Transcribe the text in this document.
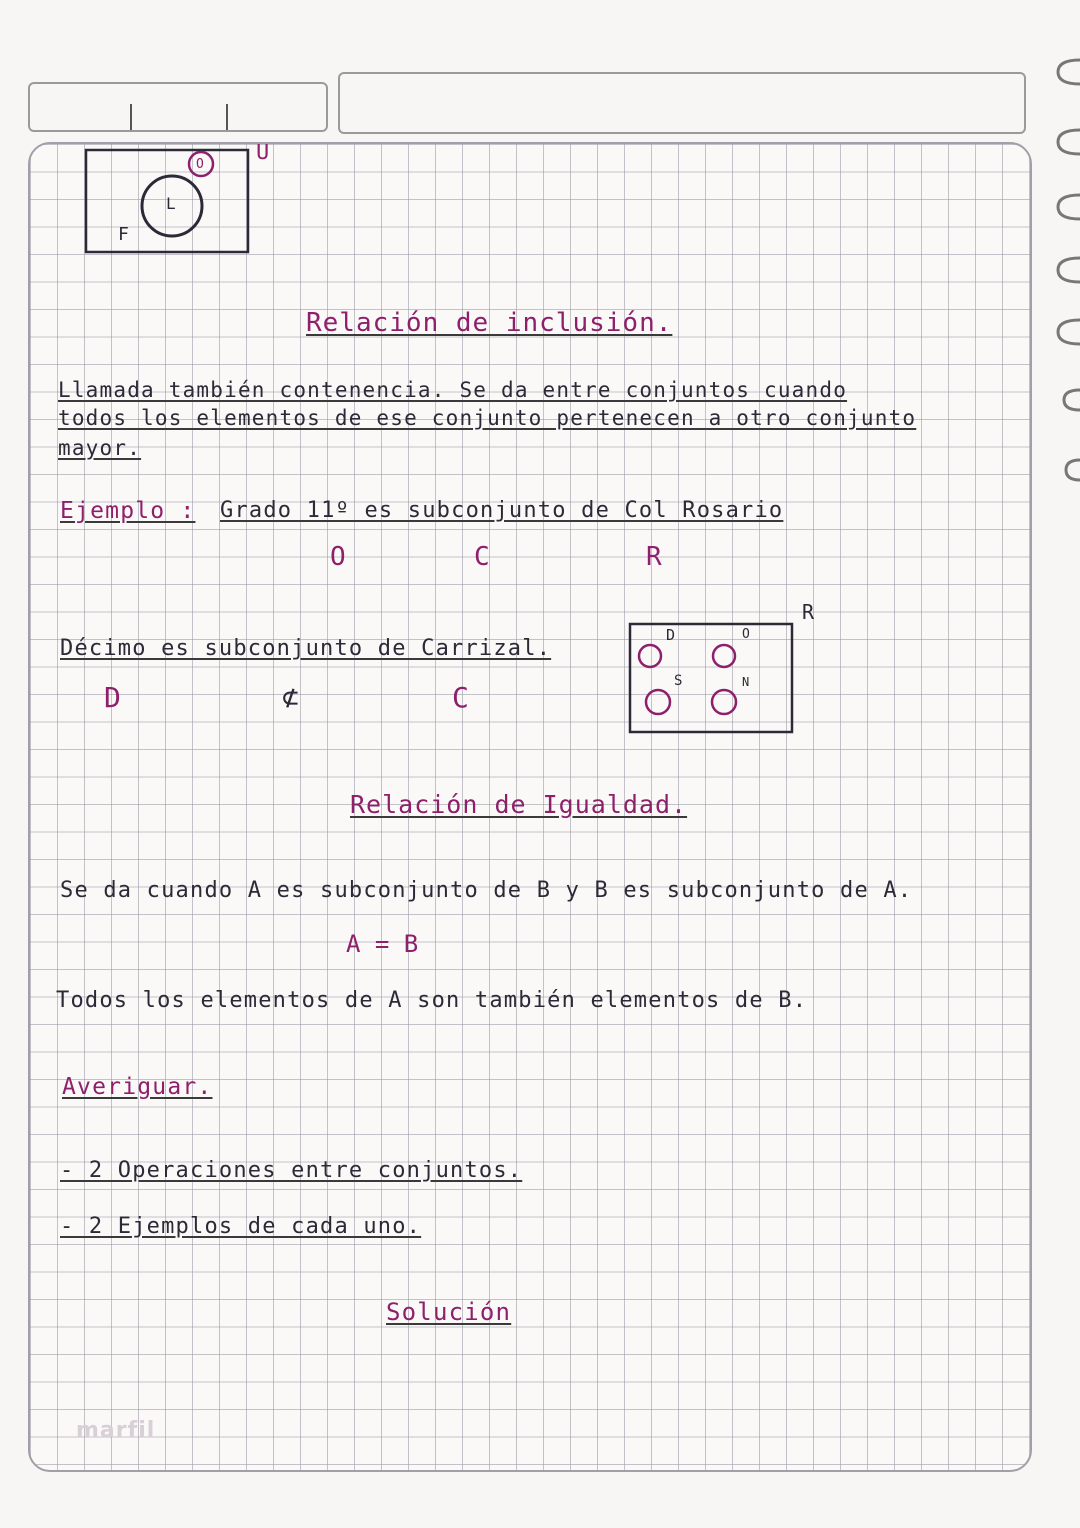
F
L
O U
Relación de inclusión.
Llamada también contenencia. Se da entre conjuntos cuando
todos los elementos de ese conjunto pertenecen a otro conjunto
mayor.
Ejemplo : Grado 11º es subconjunto de Col Rosario
O	C	R
Décimo es subconjunto de Carrizal.
D	⊄	C
R
D	O
S	N
Relación de Igualdad.
Se da cuando A es subconjunto de B y B es subconjunto de A.
A = B
Todos los elementos de A son también elementos de B.
Averiguar.
- 2 Operaciones entre conjuntos.
- 2 Ejemplos de cada uno.
Solución
marfil
